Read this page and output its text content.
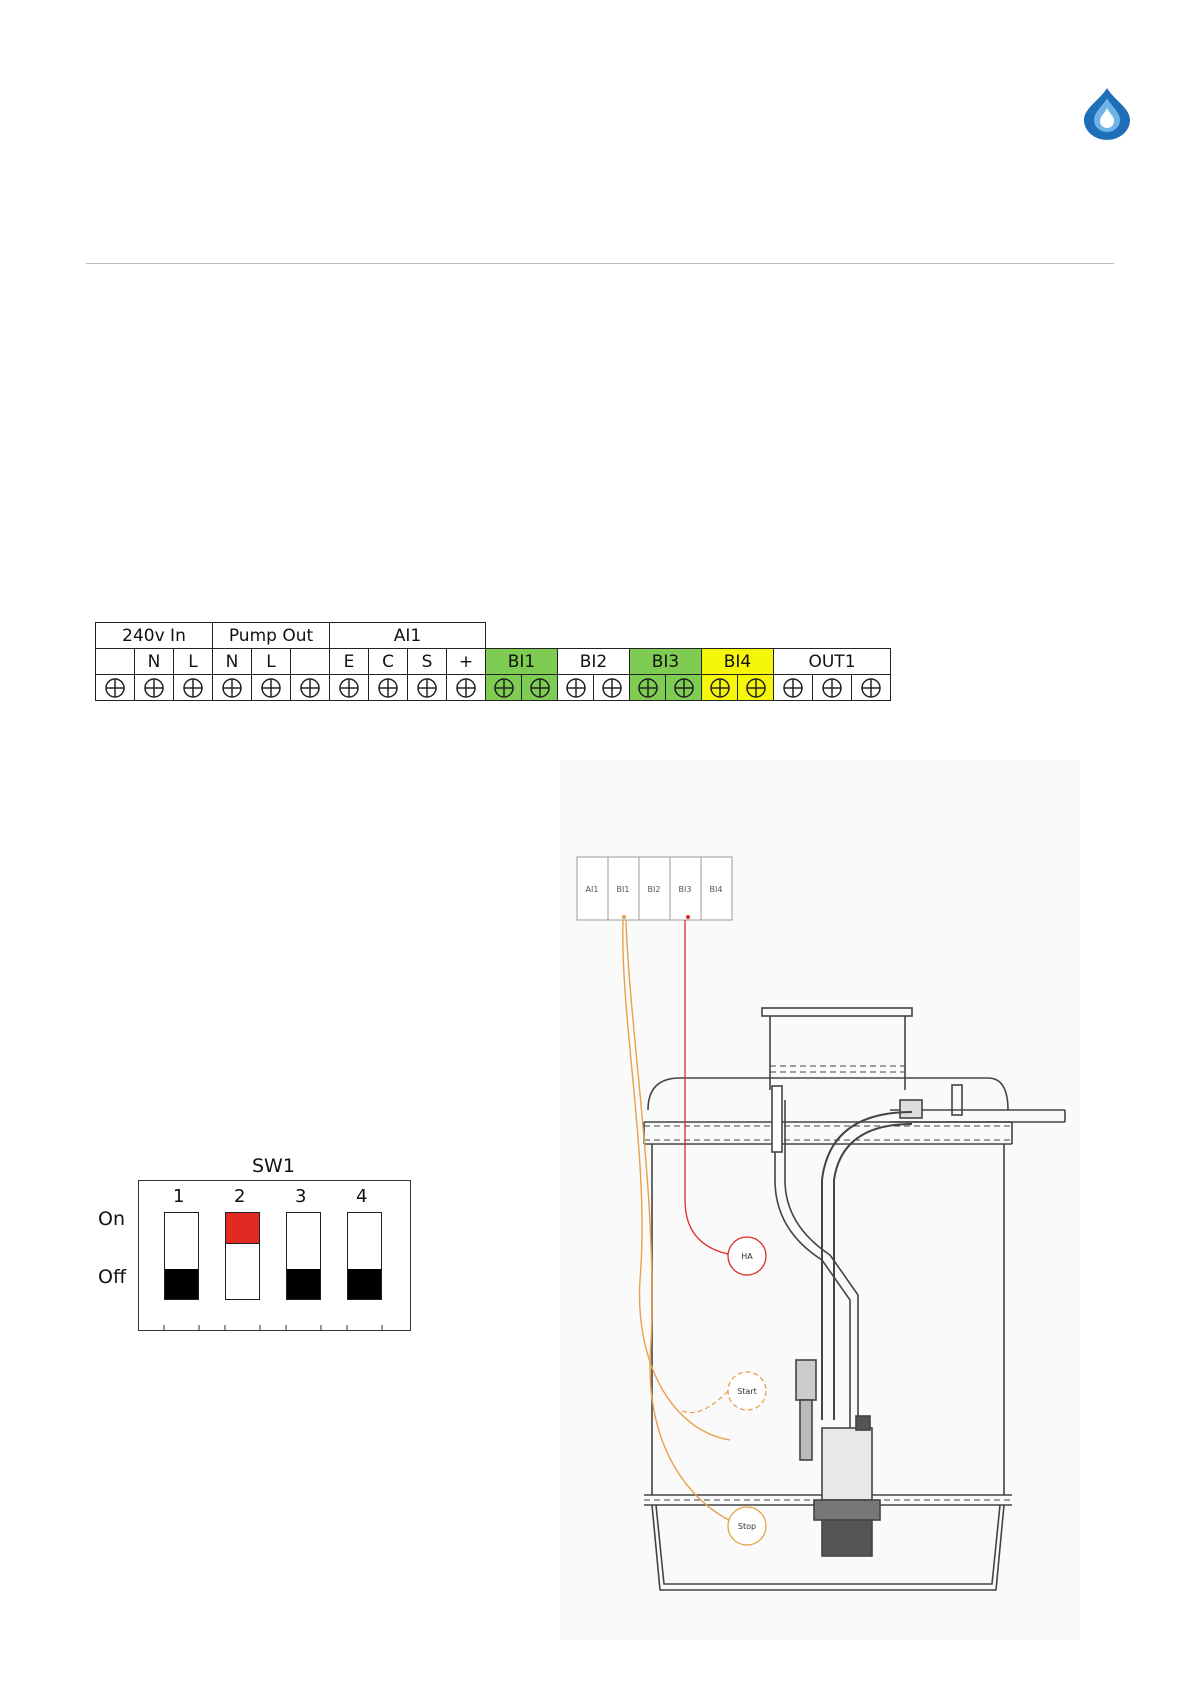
240v In			Pump Out			AI1														
	N	L	N	L		E	C	S	+	BI1		BI2		BI3		BI4		OUT1		

AI1 BI1 BI2 BI3 BI4
HA
Start
Stop
SW1
1	2	3	4
On
Off
